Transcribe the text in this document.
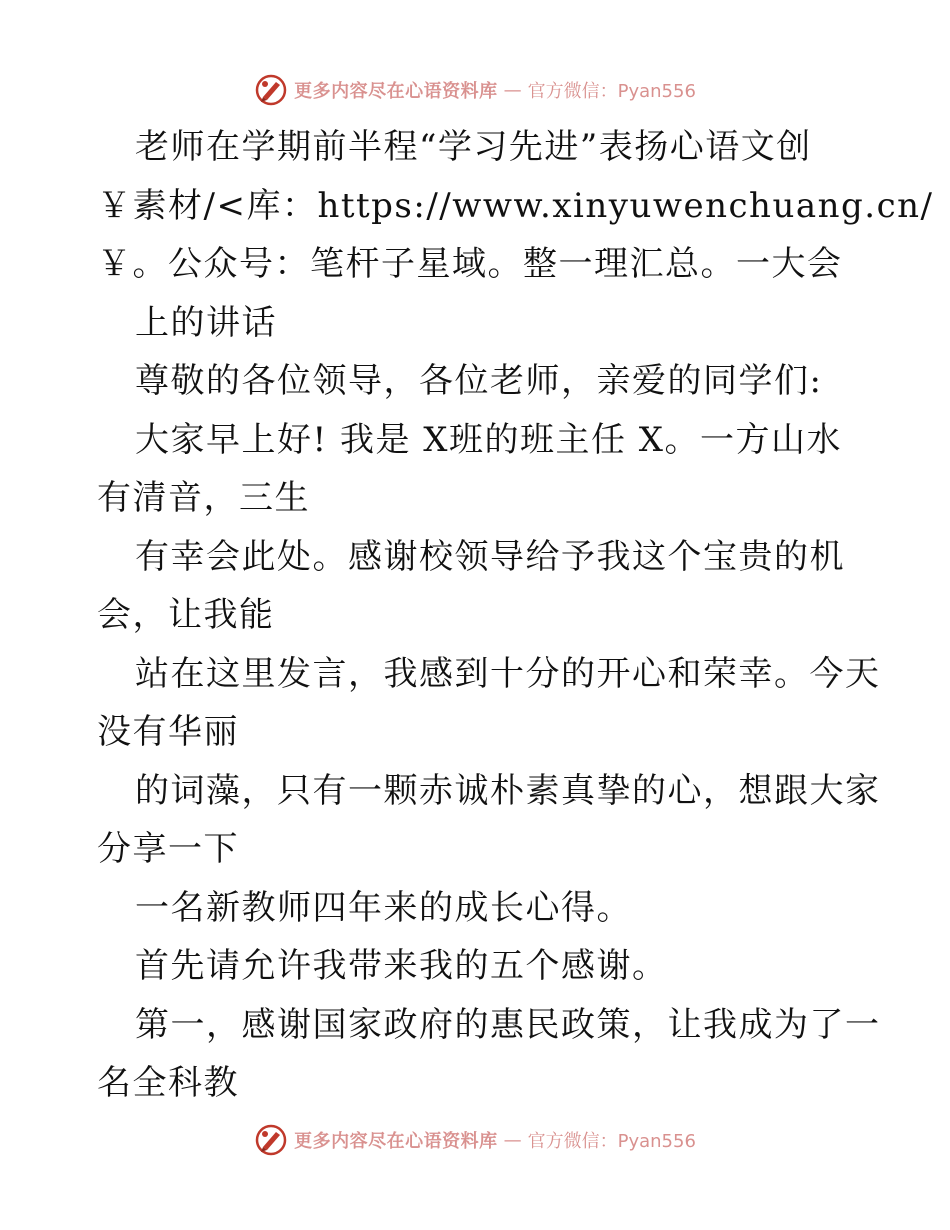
更多内容尽在心语资料库 — 官方微信：Pyan556
老师在学期前半程“学习先进”表扬心语文创
￥素材/<库：https://www.xinyuwenchuang.cn/
￥。公众号：笔杆子星域。整一理汇总。一大会
上的讲话
尊敬的各位领导，各位老师，亲爱的同学们:
大家早上好! 我是 X班的班主任 X。一方山水
有清音，三生
有幸会此处。感谢校领导给予我这个宝贵的机
会，让我能
站在这里发言，我感到十分的开心和荣幸。今天
没有华丽
的词藻，只有一颗赤诚朴素真挚的心，想跟大家
分享一下
一名新教师四年来的成长心得。
首先请允许我带来我的五个感谢。
第一，感谢国家政府的惠民政策，让我成为了一
名全科教
更多内容尽在心语资料库 — 官方微信：Pyan556
